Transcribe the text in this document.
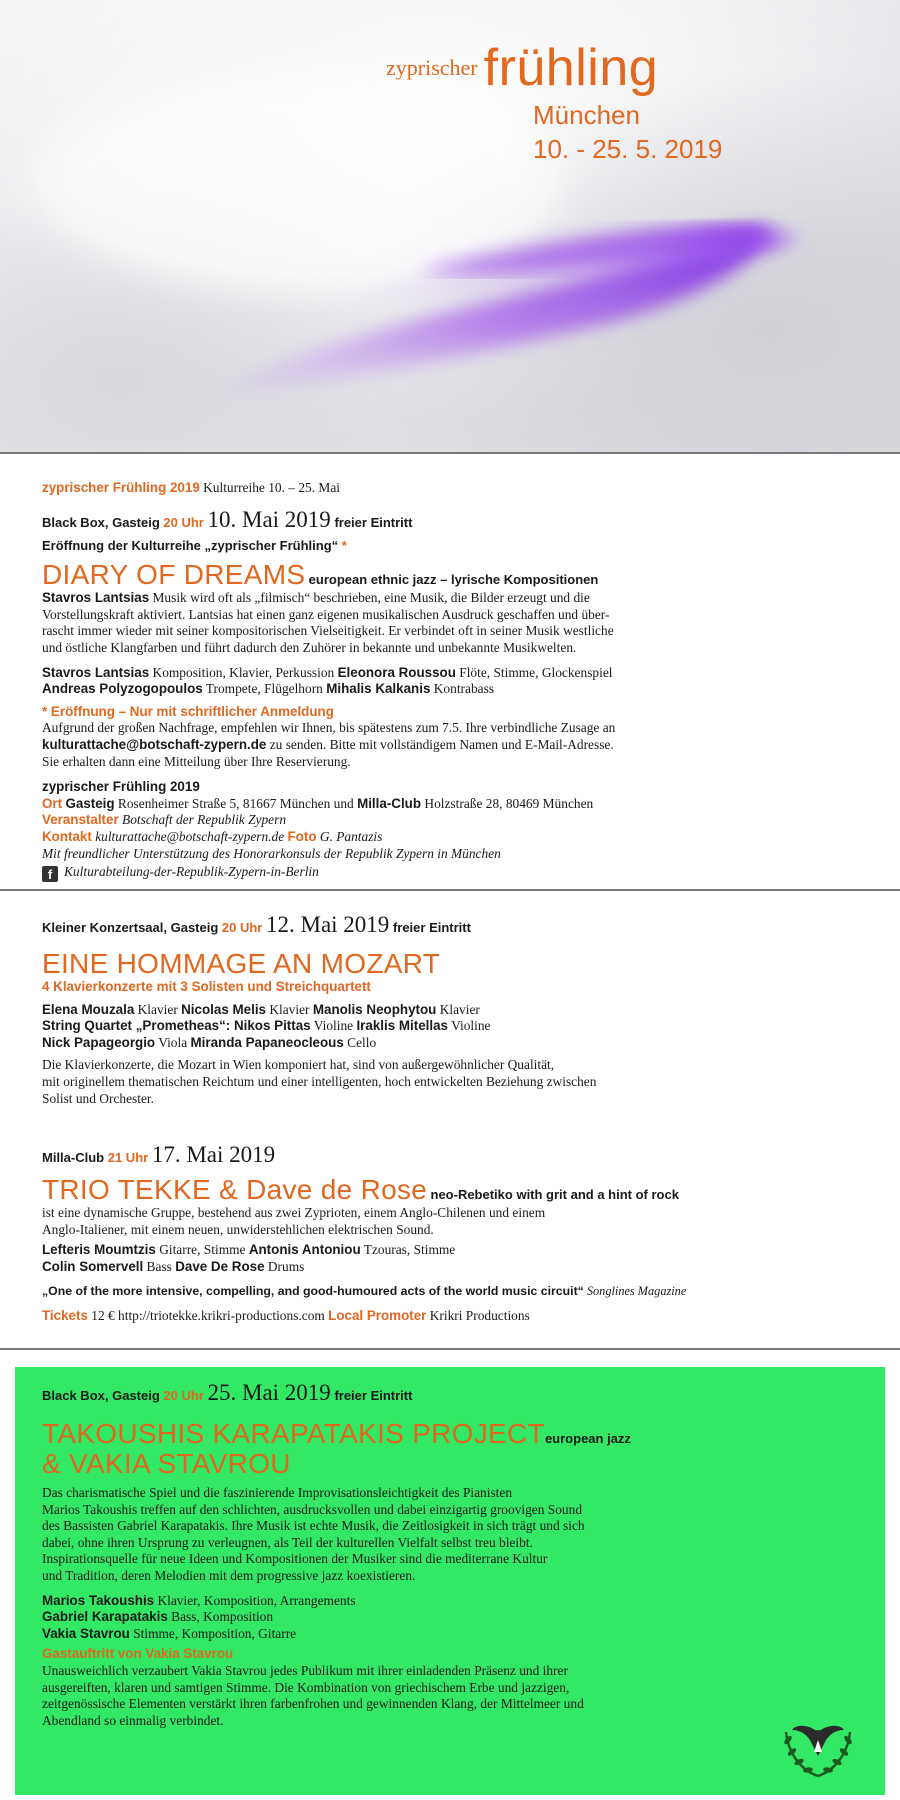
zyprischer frühling
München
10. - 25. 5. 2019

zyprischer Frühling 2019 Kulturreihe 10. – 25. Mai

Black Box, Gasteig 20 Uhr 10. Mai 2019 freier Eintritt

Eröffnung der Kulturreihe „zyprischer Frühling“ *

DIARY OF DREAMS european ethnic jazz – lyrische Kompositionen

Stavros Lantsias Musik wird oft als „filmisch“ beschrieben, eine Musik, die Bilder erzeugt und die

Vorstellungskraft aktiviert. Lantsias hat einen ganz eigenen musikalischen Ausdruck geschaffen und über-

rascht immer wieder mit seiner kompositorischen Vielseitigkeit. Er verbindet oft in seiner Musik westliche

und östliche Klangfarben und führt dadurch den Zuhörer in bekannte und unbekannte Musikwelten.

Stavros Lantsias Komposition, Klavier, Perkussion Eleonora Roussou Flöte, Stimme, Glockenspiel

Andreas Polyzogopoulos Trompete, Flügelhorn Mihalis Kalkanis Kontrabass

* Eröffnung – Nur mit schriftlicher Anmeldung

Aufgrund der großen Nachfrage, empfehlen wir Ihnen, bis spätestens zum 7.5. Ihre verbindliche Zusage an

kulturattache@botschaft-zypern.de zu senden. Bitte mit vollständigem Namen und E-Mail-Adresse.

Sie erhalten dann eine Mitteilung über Ihre Reservierung.

zyprischer Frühling 2019

Ort Gasteig Rosenheimer Straße 5, 81667 München und Milla-Club Holzstraße 28, 80469 München

Veranstalter Botschaft der Republik Zypern

Kontakt kulturattache@botschaft-zypern.de Foto G. Pantazis

Mit freundlicher Unterstützung des Honorarkonsuls der Republik Zypern in München

f Kulturabteilung-der-Republik-Zypern-in-Berlin

Kleiner Konzertsaal, Gasteig 20 Uhr 12. Mai 2019 freier Eintritt

EINE HOMMAGE AN MOZART

4 Klavierkonzerte mit 3 Solisten und Streichquartett

Elena Mouzala Klavier Nicolas Melis Klavier Manolis Neophytou Klavier

String Quartet „Prometheas“: Nikos Pittas Violine Iraklis Mitellas Violine

Nick Papageorgio Viola Miranda Papaneocleous Cello

Die Klavierkonzerte, die Mozart in Wien komponiert hat, sind von außergewöhnlicher Qualität,

mit originellem thematischen Reichtum und einer intelligenten, hoch entwickelten Beziehung zwischen

Solist und Orchester.

Milla-Club 21 Uhr 17. Mai 2019

TRIO TEKKE & Dave de Rose neo-Rebetiko with grit and a hint of rock

ist eine dynamische Gruppe, bestehend aus zwei Zyprioten, einem Anglo-Chilenen und einem

Anglo-Italiener, mit einem neuen, unwiderstehlichen elektrischen Sound.

Lefteris Moumtzis Gitarre, Stimme Antonis Antoniou Tzouras, Stimme

Colin Somervell Bass Dave De Rose Drums

„One of the more intensive, compelling, and good-humoured acts of the world music circuit“ Songlines Magazine

Tickets 12 € http://triotekke.krikri-productions.com Local Promoter Krikri Productions

Black Box, Gasteig 20 Uhr 25. Mai 2019 freier Eintritt

TAKOUSHIS KARAPATAKIS PROJECTeuropean jazz

& VAKIA STAVROU

Das charismatische Spiel und die faszinierende Improvisationsleichtigkeit des Pianisten

Marios Takoushis treffen auf den schlichten, ausdrucksvollen und dabei einzigartig groovigen Sound

des Bassisten Gabriel Karapatakis. Ihre Musik ist echte Musik, die Zeitlosigkeit in sich trägt und sich

dabei, ohne ihren Ursprung zu verleugnen, als Teil der kulturellen Vielfalt selbst treu bleibt.

Inspirationsquelle für neue Ideen und Kompositionen der Musiker sind die mediterrane Kultur

und Tradition, deren Melodien mit dem progressive jazz koexistieren.

Marios Takoushis Klavier, Komposition, Arrangements

Gabriel Karapatakis Bass, Komposition

Vakia Stavrou Stimme, Komposition, Gitarre

Gastauftritt von Vakia Stavrou

Unausweichlich verzaubert Vakia Stavrou jedes Publikum mit ihrer einladenden Präsenz und ihrer

ausgereiften, klaren und samtigen Stimme. Die Kombination von griechischem Erbe und jazzigen,

zeitgenössische Elementen verstärkt ihren farbenfrohen und gewinnenden Klang, der Mittelmeer und

Abendland so einmalig verbindet.
